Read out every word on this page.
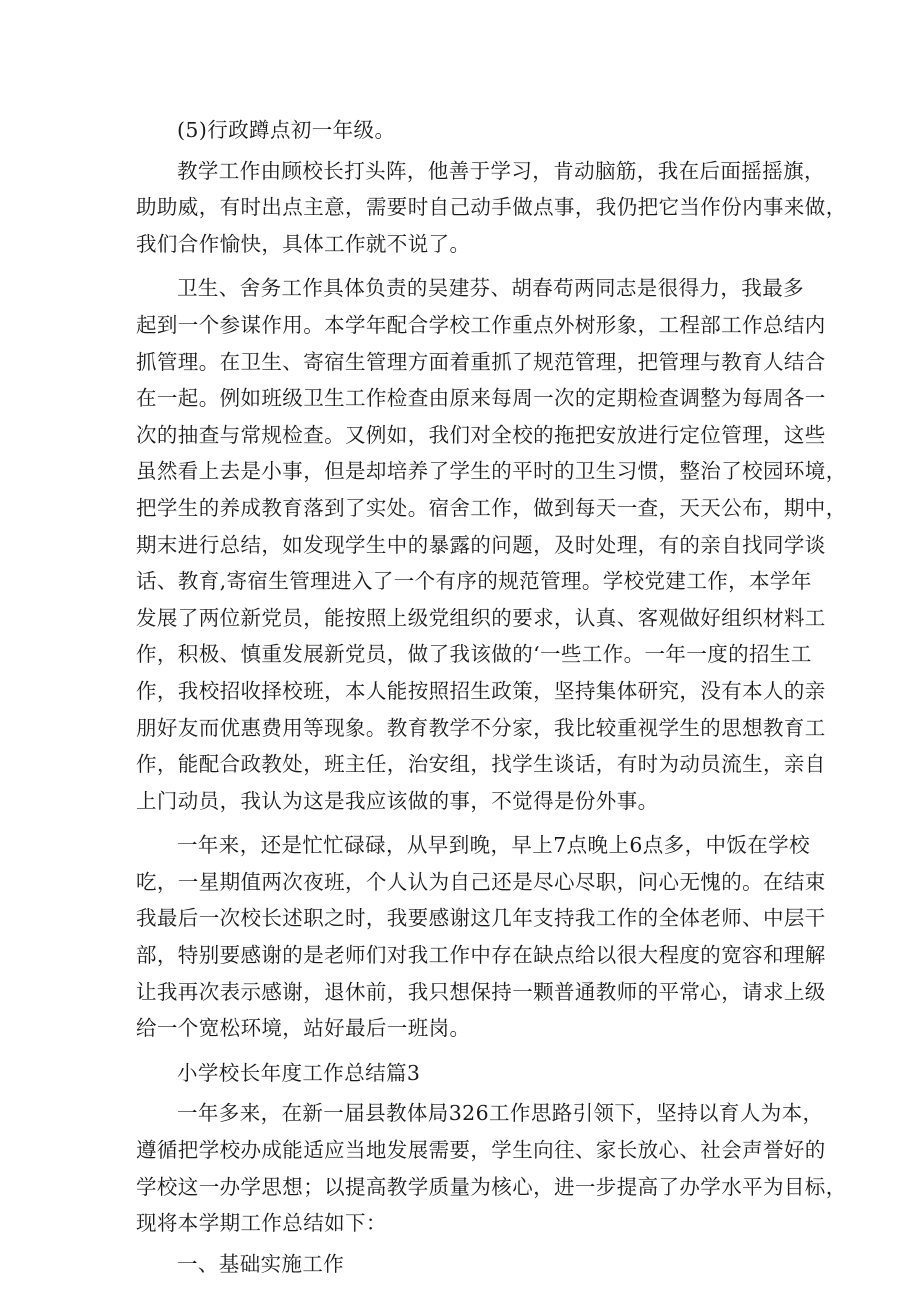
(5)行政蹲点初一年级。

教学工作由顾校长打头阵，他善于学习，肯动脑筋，我在后面摇摇旗，
助助威，有时出点主意，需要时自己动手做点事，我仍把它当作份内事来做，
我们合作愉快，具体工作就不说了。

卫生、舍务工作具体负责的吴建芬、胡春苟两同志是很得力，我最多
起到一个参谋作用。本学年配合学校工作重点外树形象，工程部工作总结内
抓管理。在卫生、寄宿生管理方面着重抓了规范管理，把管理与教育人结合
在一起。例如班级卫生工作检查由原来每周一次的定期检查调整为每周各一
次的抽查与常规检查。又例如，我们对全校的拖把安放进行定位管理，这些
虽然看上去是小事，但是却培养了学生的平时的卫生习惯，整治了校园环境，
把学生的养成教育落到了实处。宿舍工作，做到每天一查，天天公布，期中，
期末进行总结，如发现学生中的暴露的问题，及时处理，有的亲自找同学谈
话、教育,寄宿生管理进入了一个有序的规范管理。学校党建工作，本学年
发展了两位新党员，能按照上级党组织的要求，认真、客观做好组织材料工
作，积极、慎重发展新党员，做了我该做的‘一些工作。一年一度的招生工
作，我校招收择校班，本人能按照招生政策，坚持集体研究，没有本人的亲
朋好友而优惠费用等现象。教育教学不分家，我比较重视学生的思想教育工
作，能配合政教处，班主任，治安组，找学生谈话，有时为动员流生，亲自
上门动员，我认为这是我应该做的事，不觉得是份外事。

一年来，还是忙忙碌碌，从早到晚，早上7点晚上6点多，中饭在学校
吃，一星期值两次夜班，个人认为自己还是尽心尽职，问心无愧的。在结束
我最后一次校长述职之时，我要感谢这几年支持我工作的全体老师、中层干
部，特别要感谢的是老师们对我工作中存在缺点给以很大程度的宽容和理解
让我再次表示感谢，退休前，我只想保持一颗普通教师的平常心，请求上级
给一个宽松环境，站好最后一班岗。

小学校长年度工作总结篇3

一年多来，在新一届县教体局326工作思路引领下，坚持以育人为本，
遵循把学校办成能适应当地发展需要，学生向往、家长放心、社会声誉好的
学校这一办学思想；以提高教学质量为核心，进一步提高了办学水平为目标，
现将本学期工作总结如下：

一、基础实施工作
